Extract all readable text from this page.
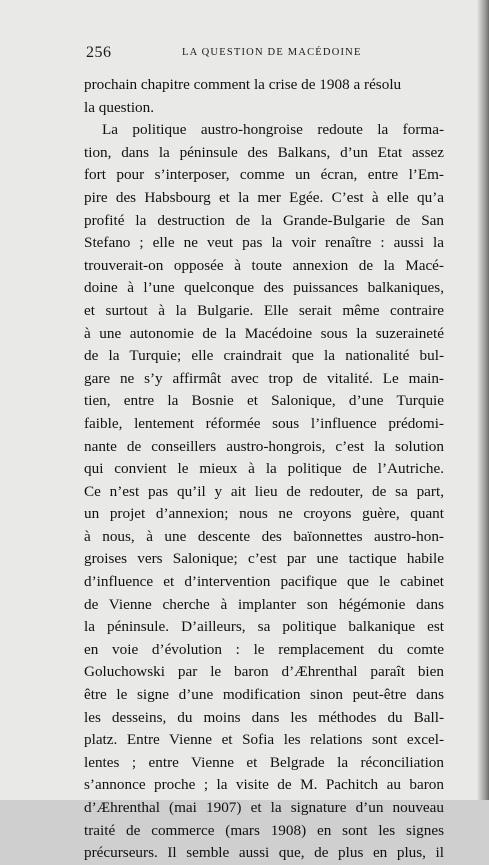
256	LA QUESTION DE MACÉDOINE
prochain chapitre comment la crise de 1908 a résolu
la question.
La politique austro-hongroise redoute la forma-
tion, dans la péninsule des Balkans, d’un Etat assez
fort pour s’interposer, comme un écran, entre l’Em-
pire des Habsbourg et la mer Egée. C’est à elle qu’a
profité la destruction de la Grande-Bulgarie de San
Stefano ; elle ne veut pas la voir renaître : aussi la
trouverait-on opposée à toute annexion de la Macé-
doine à l’une quelconque des puissances balkaniques,
et surtout à la Bulgarie. Elle serait même contraire
à une autonomie de la Macédoine sous la suzeraineté
de la Turquie; elle craindrait que la nationalité bul-
gare ne s’y affirmât avec trop de vitalité. Le main-
tien, entre la Bosnie et Salonique, d’une Turquie
faible, lentement réformée sous l’influence prédomi-
nante de conseillers austro-hongrois, c’est la solution
qui convient le mieux à la politique de l’Autriche.
Ce n’est pas qu’il y ait lieu de redouter, de sa part,
un projet d’annexion; nous ne croyons guère, quant
à nous, à une descente des baïonnettes austro-hon-
groises vers Salonique; c’est par une tactique habile
d’influence et d’intervention pacifique que le cabinet
de Vienne cherche à implanter son hégémonie dans
la péninsule. D’ailleurs, sa politique balkanique est
en voie d’évolution : le remplacement du comte
Goluchowski par le baron d’Æhrenthal paraît bien
être le signe d’une modification sinon peut-être dans
les desseins, du moins dans les méthodes du Ball-
platz. Entre Vienne et Sofia les relations sont excel-
lentes ; entre Vienne et Belgrade la réconciliation
s’annonce proche ; la visite de M. Pachitch au baron
d’Æhrenthal (mai 1907) et la signature d’un nouveau
traité de commerce (mars 1908) en sont les signes
précurseurs. Il semble aussi que, de plus en plus, il
